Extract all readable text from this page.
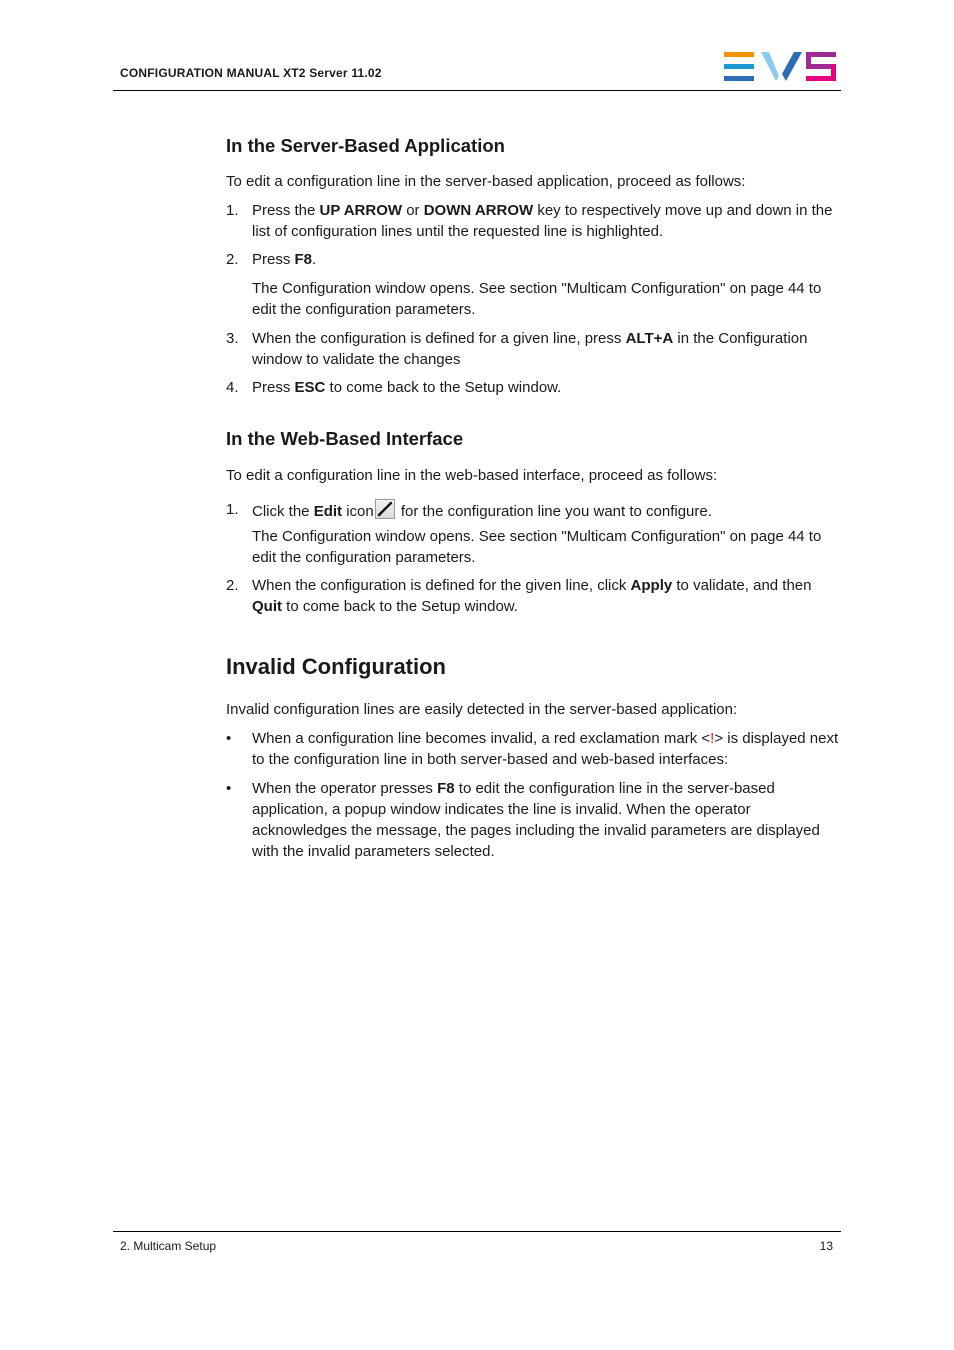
CONFIGURATION MANUAL XT2 Server 11.02
In the Server-Based Application

To edit a configuration line in the server-based application, proceed as follows:

1. Press the UP ARROW or DOWN ARROW key to respectively move up and down in the list of configuration lines until the requested line is highlighted.
2. Press F8.
The Configuration window opens. See section "Multicam Configuration" on page 44 to edit the configuration parameters.
3. When the configuration is defined for a given line, press ALT+A in the Configuration window to validate the changes
4. Press ESC to come back to the Setup window.
In the Web-Based Interface

To edit a configuration line in the web-based interface, proceed as follows:

1. Click the Edit icon
for the configuration line you want to configure.
The Configuration window opens. See section "Multicam Configuration" on page 44 to edit the configuration parameters.
2. When the configuration is defined for the given line, click Apply to validate, and then Quit to come back to the Setup window.
Invalid Configuration

Invalid configuration lines are easily detected in the server-based application:

• When a configuration line becomes invalid, a red exclamation mark <!> is displayed next to the configuration line in both server-based and web-based interfaces:
• When the operator presses F8 to edit the configuration line in the server-based application, a popup window indicates the line is invalid. When the operator acknowledges the message, the pages including the invalid parameters are displayed with the invalid parameters selected.
2. Multicam Setup	13
